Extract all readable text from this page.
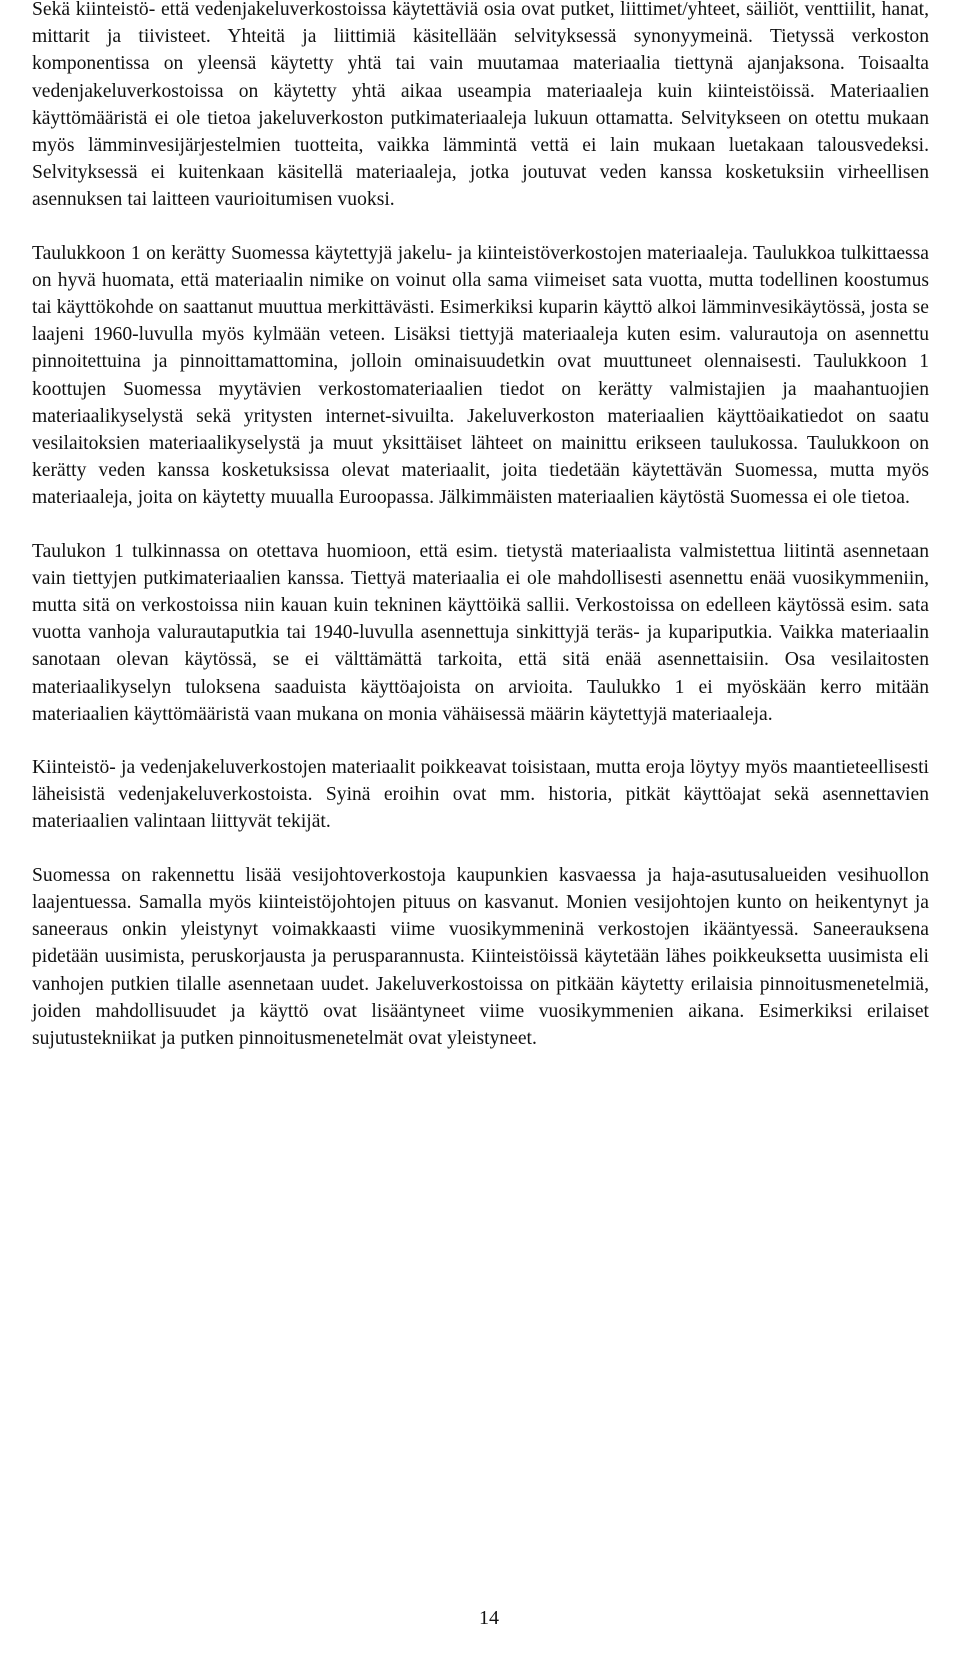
Sekä kiinteistö- että vedenjakeluverkostoissa käytettäviä osia ovat putket, liittimet/yhteet, säiliöt, venttiilit, hanat, mittarit ja tiivisteet. Yhteitä ja liittimiä käsitellään selvityksessä synonyymeinä. Tietyssä verkoston komponentissa on yleensä käytetty yhtä tai vain muutamaa materiaalia tiettynä ajanjaksona. Toisaalta vedenjakeluverkostoissa on käytetty yhtä aikaa useampia materiaaleja kuin kiinteistöissä. Materiaalien käyttömääristä ei ole tietoa jakeluverkoston putkimateriaaleja lukuun ottamatta. Selvitykseen on otettu mukaan myös lämminvesijärjestelmien tuotteita, vaikka lämmintä vettä ei lain mukaan luetakaan talousvedeksi. Selvityksessä ei kuitenkaan käsitellä materiaaleja, jotka joutuvat veden kanssa kosketuksiin virheellisen asennuksen tai laitteen vaurioitumisen vuoksi.

Taulukkoon 1 on kerätty Suomessa käytettyjä jakelu- ja kiinteistöverkostojen materiaaleja. Taulukkoa tulkittaessa on hyvä huomata, että materiaalin nimike on voinut olla sama viimeiset sata vuotta, mutta todellinen koostumus tai käyttökohde on saattanut muuttua merkittävästi. Esimerkiksi kuparin käyttö alkoi lämminvesikäytössä, josta se laajeni 1960-luvulla myös kylmään veteen. Lisäksi tiettyjä materiaaleja kuten esim. valurautoja on asennettu pinnoitettuina ja pinnoittamattomina, jolloin ominaisuudetkin ovat muuttuneet olennaisesti. Taulukkoon 1 koottujen Suomessa myytävien verkostomateriaalien tiedot on kerätty valmistajien ja maahantuojien materiaalikyselystä sekä yritysten internet-sivuilta. Jakeluverkoston materiaalien käyttöaikatiedot on saatu vesilaitoksien materiaalikyselystä ja muut yksittäiset lähteet on mainittu erikseen taulukossa. Taulukkoon on kerätty veden kanssa kosketuksissa olevat materiaalit, joita tiedetään käytettävän Suomessa, mutta myös materiaaleja, joita on käytetty muualla Euroopassa. Jälkimmäisten materiaalien käytöstä Suomessa ei ole tietoa.

Taulukon 1 tulkinnassa on otettava huomioon, että esim. tietystä materiaalista valmistettua liitintä asennetaan vain tiettyjen putkimateriaalien kanssa. Tiettyä materiaalia ei ole mahdollisesti asennettu enää vuosikymmeniin, mutta sitä on verkostoissa niin kauan kuin tekninen käyttöikä sallii. Verkostoissa on edelleen käytössä esim. sata vuotta vanhoja valurautaputkia tai 1940-luvulla asennettuja sinkittyjä teräs- ja kupariputkia. Vaikka materiaalin sanotaan olevan käytössä, se ei välttämättä tarkoita, että sitä enää asennettaisiin. Osa vesilaitosten materiaalikyselyn tuloksena saaduista käyttöajoista on arvioita. Taulukko 1 ei myöskään kerro mitään materiaalien käyttömääristä vaan mukana on monia vähäisessä määrin käytettyjä materiaaleja.

Kiinteistö- ja vedenjakeluverkostojen materiaalit poikkeavat toisistaan, mutta eroja löytyy myös maantieteellisesti läheisistä vedenjakeluverkostoista. Syinä eroihin ovat mm. historia, pitkät käyttöajat sekä asennettavien materiaalien valintaan liittyvät tekijät.

Suomessa on rakennettu lisää vesijohtoverkostoja kaupunkien kasvaessa ja haja-asutusalueiden vesihuollon laajentuessa. Samalla myös kiinteistöjohtojen pituus on kasvanut. Monien vesijohtojen kunto on heikentynyt ja saneeraus onkin yleistynyt voimakkaasti viime vuosikymmeninä verkostojen ikääntyessä. Saneerauksena pidetään uusimista, peruskorjausta ja perusparannusta. Kiinteistöissä käytetään lähes poikkeuksetta uusimista eli vanhojen putkien tilalle asennetaan uudet. Jakeluverkostoissa on pitkään käytetty erilaisia pinnoitusmenetelmiä, joiden mahdollisuudet ja käyttö ovat lisääntyneet viime vuosikymmenien aikana. Esimerkiksi erilaiset sujutustekniikat ja putken pinnoitusmenetelmät ovat yleistyneet.

14
